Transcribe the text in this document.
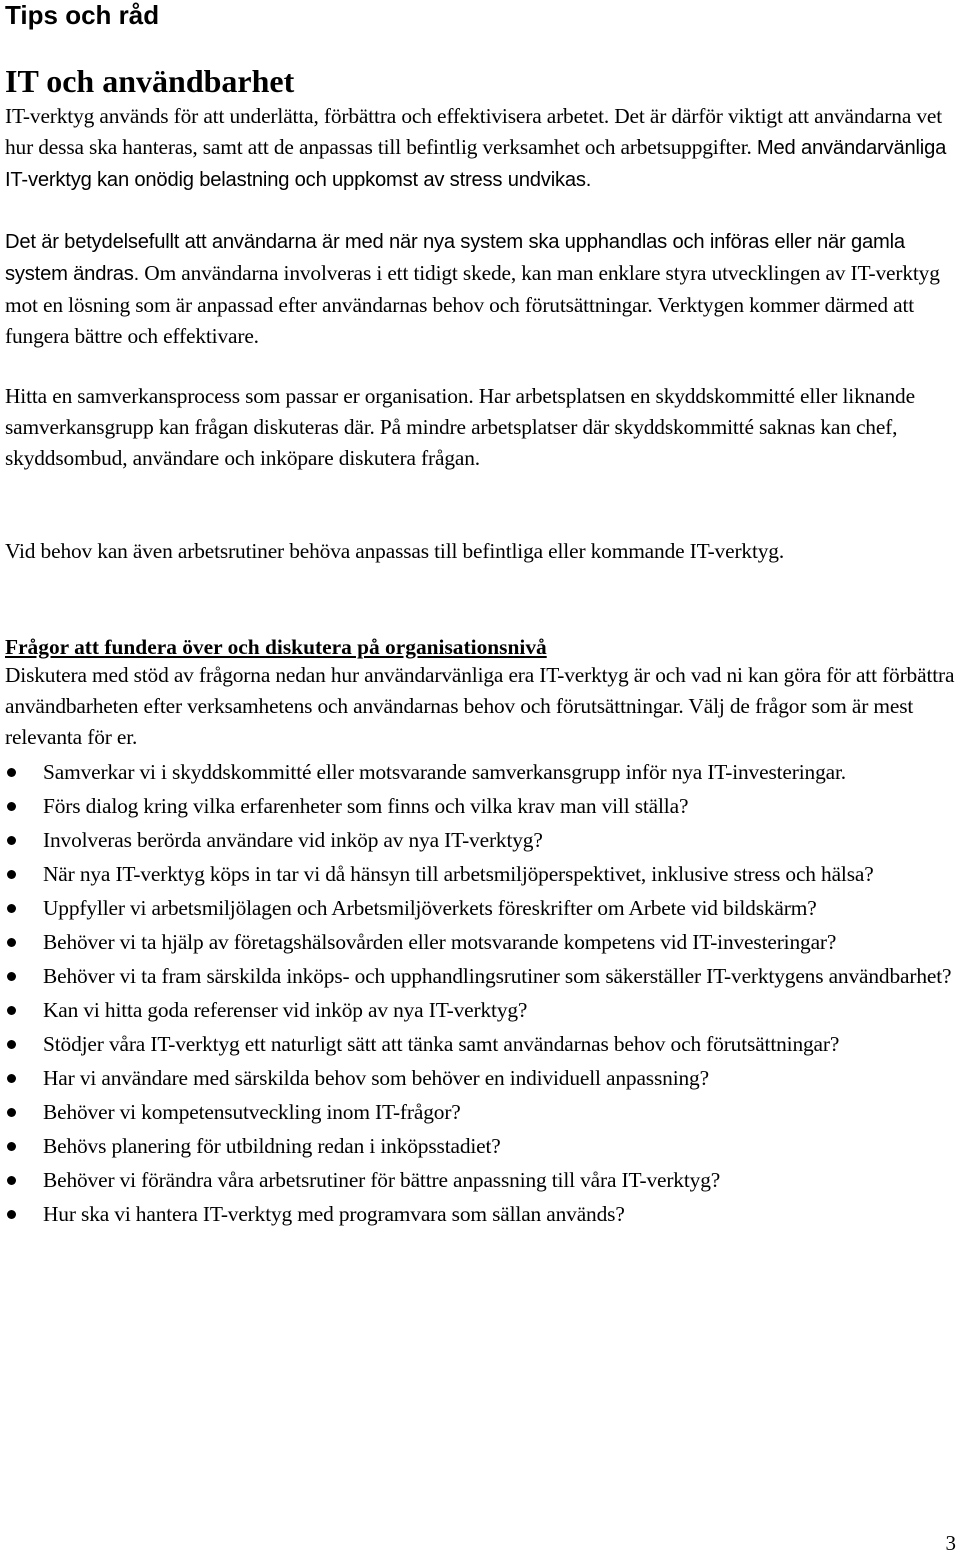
Tips och råd
IT och användbarhet

IT-verktyg används för att underlätta, förbättra och effektivisera arbetet. Det är därför viktigt att användarna vet hur dessa ska hanteras, samt att de anpassas till befintlig verksamhet och arbetsuppgifter. Med användarvänliga IT-verktyg kan onödig belastning och uppkomst av stress undvikas.

Det är betydelsefullt att användarna är med när nya system ska upphandlas och införas eller när gamla system ändras. Om användarna involveras i ett tidigt skede, kan man enklare styra utvecklingen av IT-verktyg mot en lösning som är anpassad efter användarnas behov och förutsättningar. Verktygen kommer därmed att fungera bättre och effektivare.

Hitta en samverkansprocess som passar er organisation. Har arbetsplatsen en skyddskommitté eller liknande samverkansgrupp kan frågan diskuteras där. På mindre arbetsplatser där skyddskommitté saknas kan chef, skyddsombud, användare och inköpare diskutera frågan.

Vid behov kan även arbetsrutiner behöva anpassas till befintliga eller kommande IT-verktyg.

Frågor att fundera över och diskutera på organisationsnivå

Diskutera med stöd av frågorna nedan hur användarvänliga era IT-verktyg är och vad ni kan göra för att förbättra användbarheten efter verksamhetens och användarnas behov och förutsättningar. Välj de frågor som är mest relevanta för er.

Samverkar vi i skyddskommitté eller motsvarande samverkansgrupp inför nya IT-investeringar.
Förs dialog kring vilka erfarenheter som finns och vilka krav man vill ställa?
Involveras berörda användare vid inköp av nya IT-verktyg?
När nya IT-verktyg köps in tar vi då hänsyn till arbetsmiljöperspektivet, inklusive stress och hälsa?
Uppfyller vi arbetsmiljölagen och Arbetsmiljöverkets föreskrifter om Arbete vid bildskärm?
Behöver vi ta hjälp av företagshälsovården eller motsvarande kompetens vid IT-investeringar?
Behöver vi ta fram särskilda inköps- och upphandlingsrutiner som säkerställer IT-verktygens användbarhet?
Kan vi hitta goda referenser vid inköp av nya IT-verktyg?
Stödjer våra IT-verktyg ett naturligt sätt att tänka samt användarnas behov och förutsättningar?
Har vi användare med särskilda behov som behöver en individuell anpassning?
Behöver vi kompetensutveckling inom IT-frågor?
Behövs planering för utbildning redan i inköpsstadiet?
Behöver vi förändra våra arbetsrutiner för bättre anpassning till våra IT-verktyg?
Hur ska vi hantera IT-verktyg med programvara som sällan används?
3
